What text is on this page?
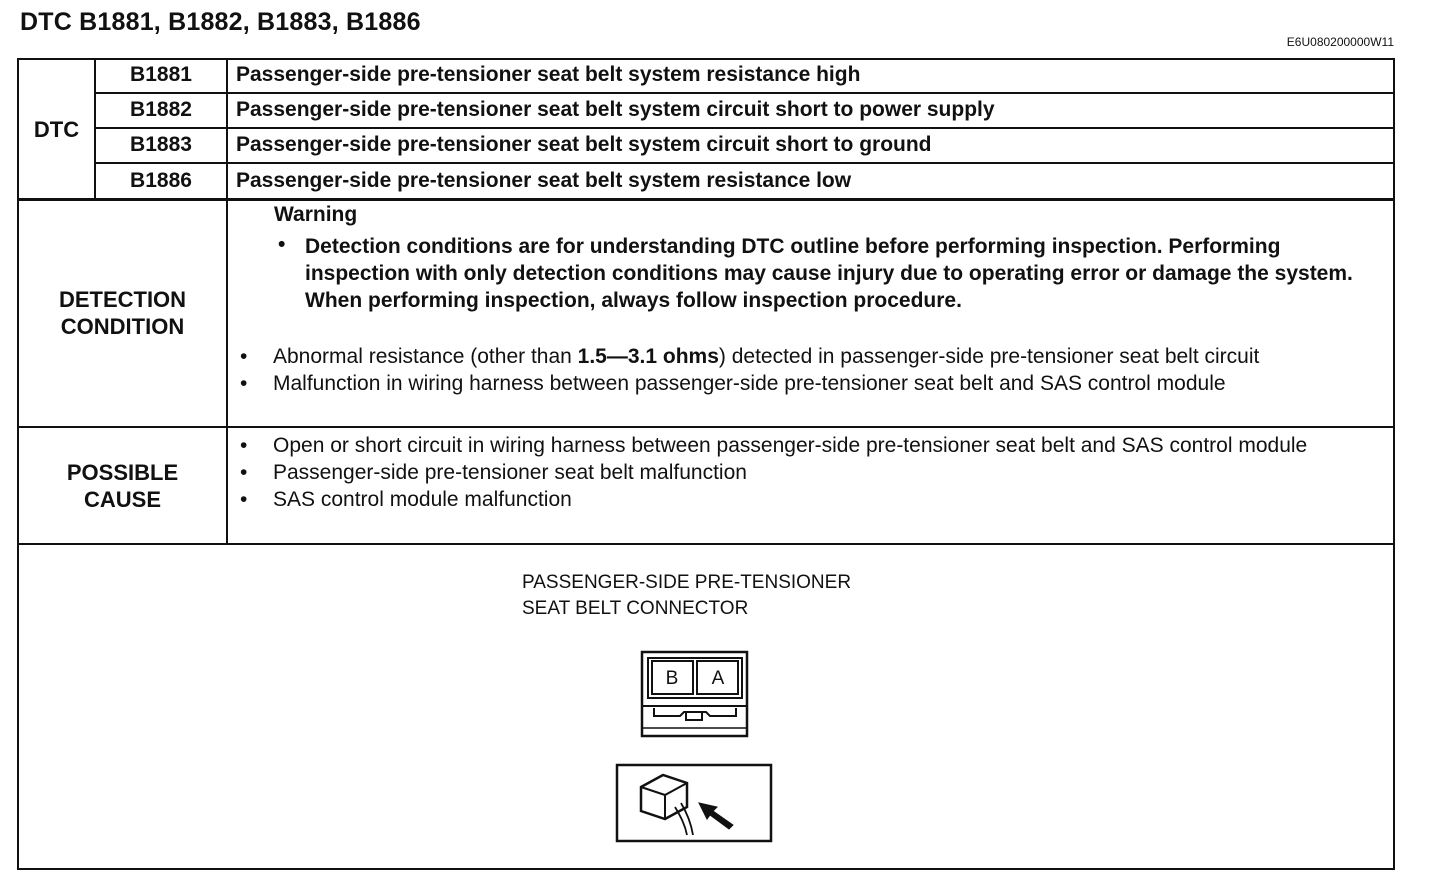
DTC B1881, B1882, B1883, B1886
E6U080200000W11
DTC
B1881	Passenger-side pre-tensioner seat belt system resistance high
B1882	Passenger-side pre-tensioner seat belt system circuit short to power supply
B1883	Passenger-side pre-tensioner seat belt system circuit short to ground
B1886	Passenger-side pre-tensioner seat belt system resistance low
DETECTION
CONDITION
Warning
• Detection conditions are for understanding DTC outline before performing inspection. Performing inspection with only detection conditions may cause injury due to operating error or damage the system. When performing inspection, always follow inspection procedure.
• Abnormal resistance (other than 1.5—3.1 ohms) detected in passenger-side pre-tensioner seat belt circuit
• Malfunction in wiring harness between passenger-side pre-tensioner seat belt and SAS control module
POSSIBLE
CAUSE
• Open or short circuit in wiring harness between passenger-side pre-tensioner seat belt and SAS control module
• Passenger-side pre-tensioner seat belt malfunction
• SAS control module malfunction
PASSENGER-SIDE PRE-TENSIONER
SEAT BELT CONNECTOR
B A
